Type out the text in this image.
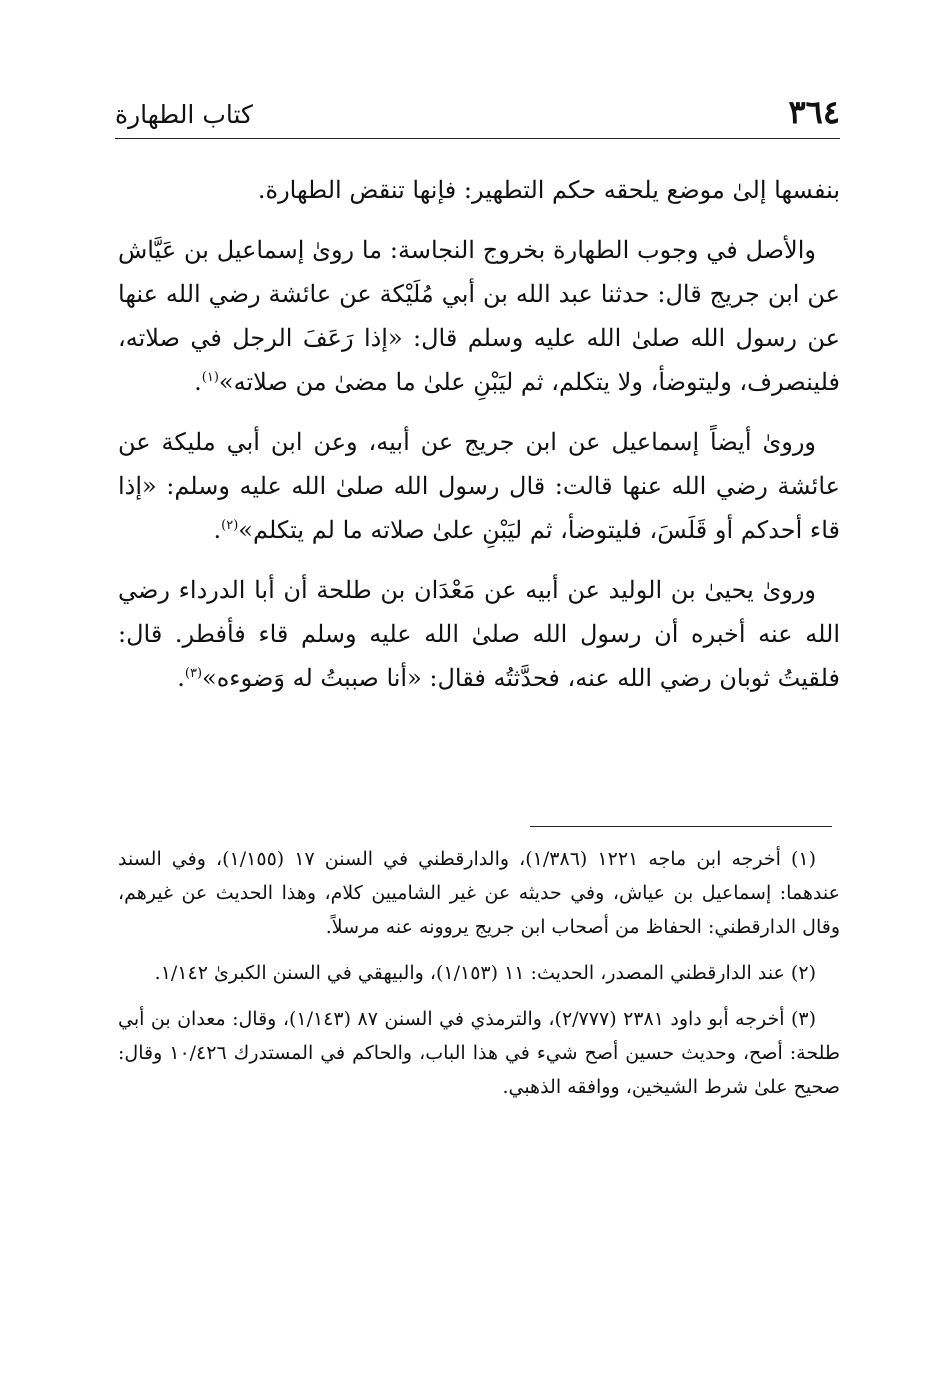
٣٦٤
كتاب الطهارة

بنفسها إلىٰ موضع يلحقه حكم التطهير: فإنها تنقض الطهارة.

والأصل في وجوب الطهارة بخروج النجاسة: ما روىٰ إسماعيل بن عَيَّاش عن ابن جريج قال: حدثنا عبد الله بن أبي مُلَيْكة عن عائشة رضي الله عنها عن رسول الله صلىٰ الله عليه وسلم قال: «إذا رَعَفَ الرجل في صلاته، فلينصرف، وليتوضأ، ولا يتكلم، ثم ليَبْنِ علىٰ ما مضىٰ من صلاته»$^{(١)}$.

وروىٰ أيضاً إسماعيل عن ابن جريج عن أبيه، وعن ابن أبي مليكة عن عائشة رضي الله عنها قالت: قال رسول الله صلىٰ الله عليه وسلم: «إذا قاء أحدكم أو قَلَسَ، فليتوضأ، ثم ليَبْنِ علىٰ صلاته ما لم يتكلم»$^{(٢)}$.

وروىٰ يحيىٰ بن الوليد عن أبيه عن مَعْدَان بن طلحة أن أبا الدرداء رضي الله عنه أخبره أن رسول الله صلىٰ الله عليه وسلم قاء فأفطر. قال: فلقيتُ ثوبان رضي الله عنه، فحدَّثتُه فقال: «أنا صببتُ له وَضوءه»$^{(٣)}$.

(١) أخرجه ابن ماجه ١٢٢١ (١/٣٨٦)، والدارقطني في السنن ١٧ (١/١٥٥)، وفي السند عندهما: إسماعيل بن عياش، وفي حديثه عن غير الشاميين كلام، وهذا الحديث عن غيرهم، وقال الدارقطني: الحفاظ من أصحاب ابن جريج يروونه عنه مرسلاً.

(٢) عند الدارقطني المصدر، الحديث: ١١ (١/١٥٣)، والبيهقي في السنن الكبرىٰ ١/١٤٢.

(٣) أخرجه أبو داود ٢٣٨١ (٢/٧٧٧)، والترمذي في السنن ٨٧ (١/١٤٣)، وقال: معدان بن أبي طلحة: أصح، وحديث حسين أصح شيء في هذا الباب، والحاكم في المستدرك ١٠/٤٢٦ وقال: صحيح علىٰ شرط الشيخين، ووافقه الذهبي.
